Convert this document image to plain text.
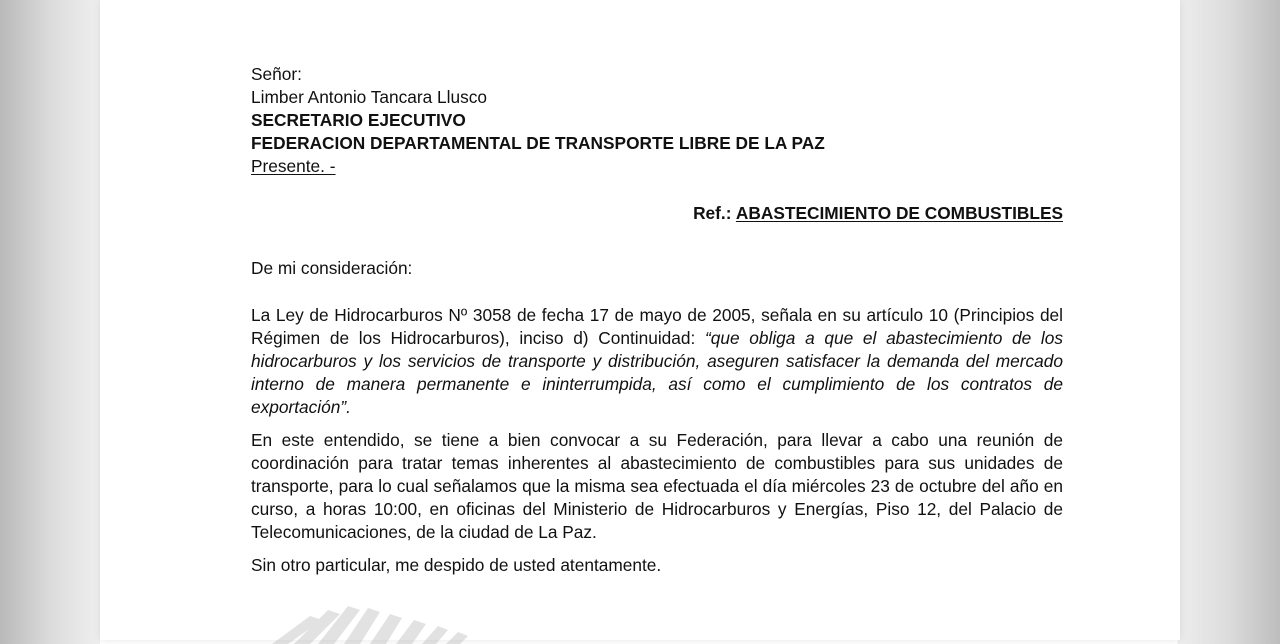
Señor:
Limber Antonio Tancara Llusco
SECRETARIO EJECUTIVO
FEDERACION DEPARTAMENTAL DE TRANSPORTE LIBRE DE LA PAZ
Presente. -
Ref.: ABASTECIMIENTO DE COMBUSTIBLES
De mi consideración:
La Ley de Hidrocarburos Nº 3058 de fecha 17 de mayo de 2005, señala en su artículo 10 (Principios del Régimen de los Hidrocarburos), inciso d) Continuidad: “que obliga a que el abastecimiento de los hidrocarburos y los servicios de transporte y distribución, aseguren satisfacer la demanda del mercado interno de manera permanente e ininterrumpida, así como el cumplimiento de los contratos de exportación”.
En este entendido, se tiene a bien convocar a su Federación, para llevar a cabo una reunión de coordinación para tratar temas inherentes al abastecimiento de combustibles para sus unidades de transporte, para lo cual señalamos que la misma sea efectuada el día miércoles 23 de octubre del año en curso, a horas 10:00, en oficinas del Ministerio de Hidrocarburos y Energías, Piso 12, del Palacio de Telecomunicaciones, de la ciudad de La Paz.
Sin otro particular, me despido de usted atentamente.
